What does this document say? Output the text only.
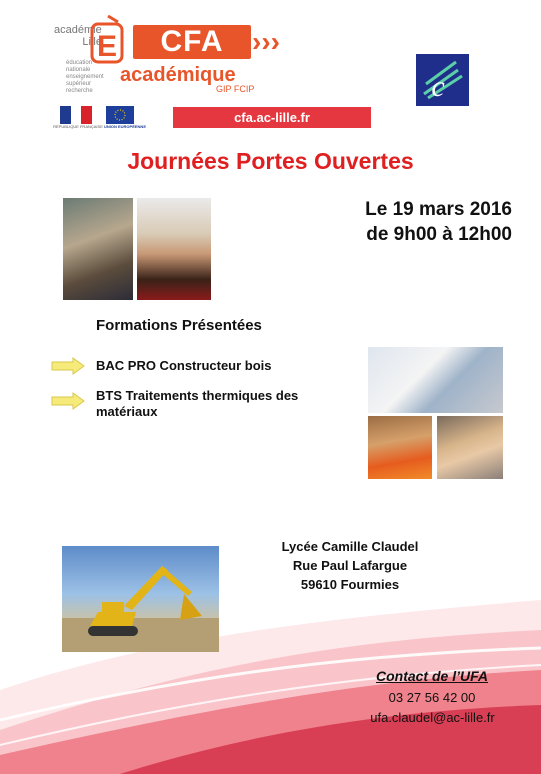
académie
Lille
E
éducation
nationale
enseignement
supérieur
recherche
CFA	›››
académique
GIP FCIP
RÉPUBLIQUE FRANÇAISE UNION EUROPÉENNE
cfa.ac-lille.fr
c
Journées Portes Ouvertes
Le 19 mars 2016
de 9h00 à 12h00
Formations Présentées
BAC PRO Constructeur bois
BTS Traitements thermiques des matériaux
Lycée Camille Claudel
Rue Paul Lafargue
59610 Fourmies
Contact de l’UFA
03 27 56 42 00
ufa.claudel@ac-lille.fr
